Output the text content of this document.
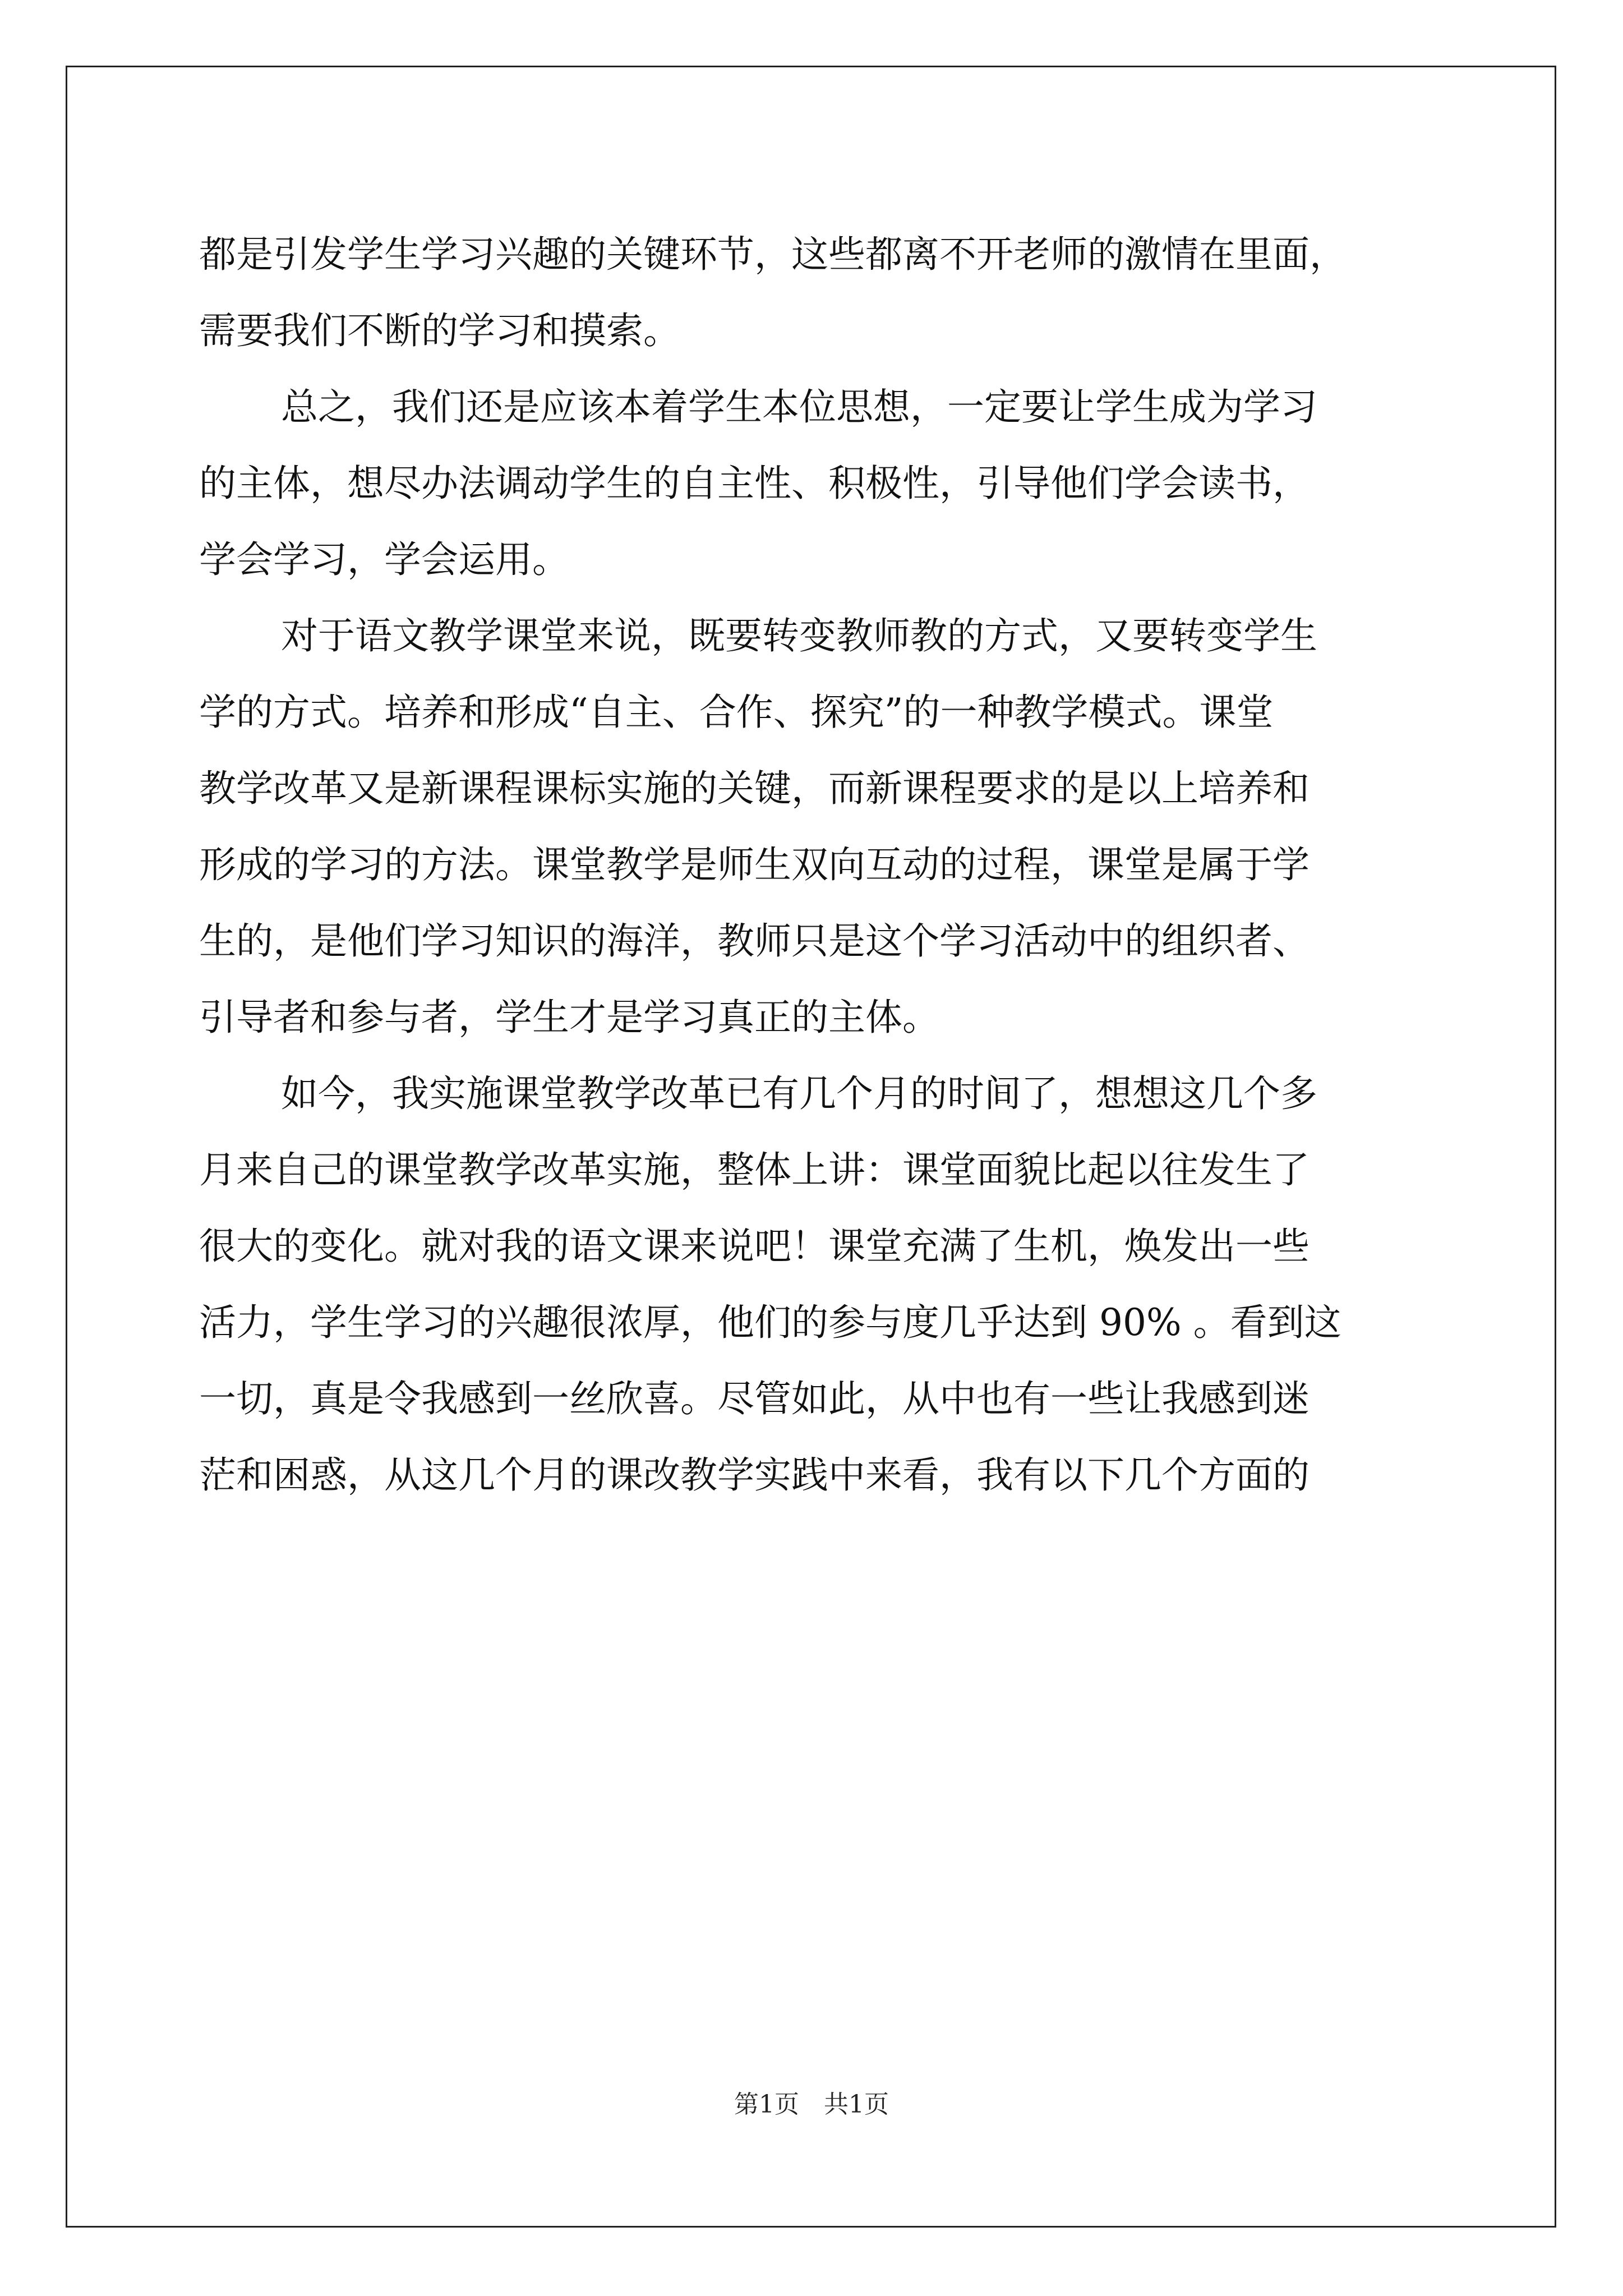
都是引发学生学习兴趣的关键环节，这些都离不开老师的激情在里面，
需要我们不断的学习和摸索。
总之，我们还是应该本着学生本位思想，一定要让学生成为学习
的主体，想尽办法调动学生的自主性、积极性，引导他们学会读书，
学会学习，学会运用。
对于语文教学课堂来说，既要转变教师教的方式，又要转变学生
学的方式。培养和形成“自主、合作、探究”的一种教学模式。课堂
教学改革又是新课程课标实施的关键，而新课程要求的是以上培养和
形成的学习的方法。课堂教学是师生双向互动的过程，课堂是属于学
生的，是他们学习知识的海洋，教师只是这个学习活动中的组织者、
引导者和参与者，学生才是学习真正的主体。
如今，我实施课堂教学改革已有几个月的时间了，想想这几个多
月来自己的课堂教学改革实施，整体上讲：课堂面貌比起以往发生了
很大的变化。就对我的语文课来说吧！课堂充满了生机，焕发出一些
活力，学生学习的兴趣很浓厚，他们的参与度几乎达到 90% 。看到这
一切，真是令我感到一丝欣喜。尽管如此，从中也有一些让我感到迷
茫和困惑，从这几个月的课改教学实践中来看，我有以下几个方面的
第1页　共1页
